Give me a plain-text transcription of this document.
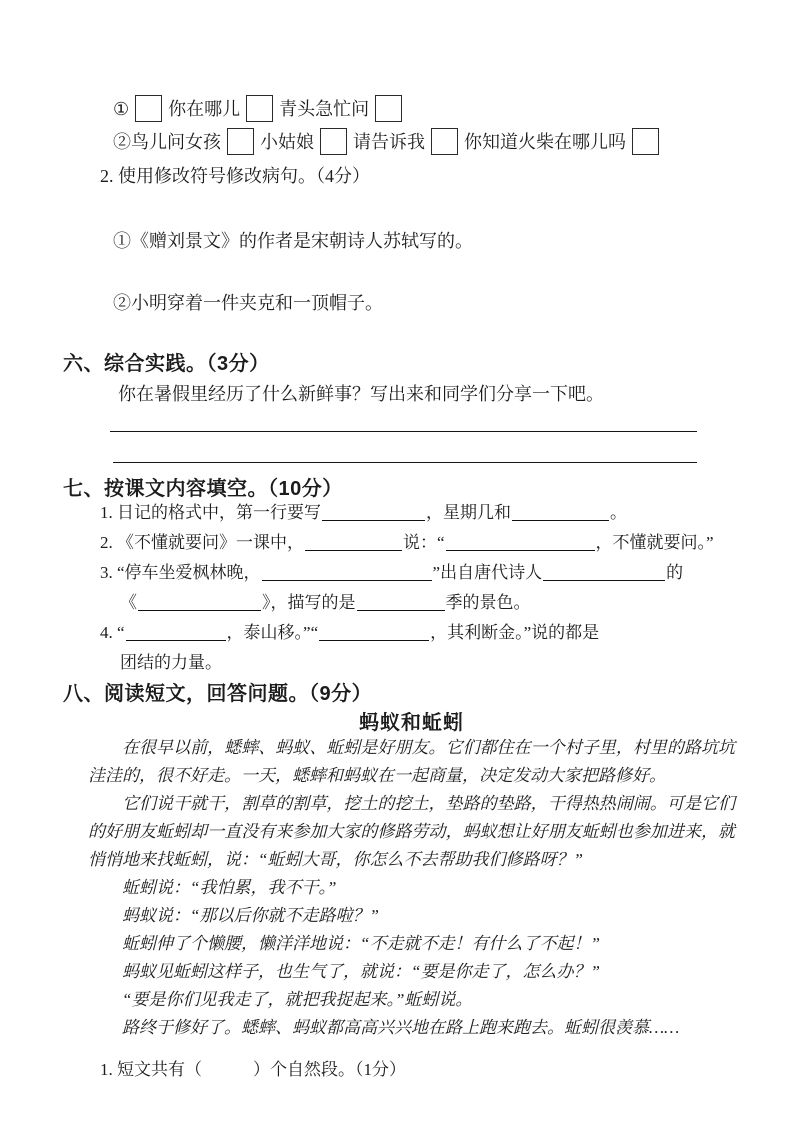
① 你在哪儿 青头急忙问
②鸟儿问女孩 小姑娘 请告诉我 你知道火柴在哪儿吗
2. 使用修改符号修改病句。（4分）
①《赠刘景文》的作者是宋朝诗人苏轼写的。
②小明穿着一件夹克和一顶帽子。
六、综合实践。（3分）
你在暑假里经历了什么新鲜事？写出来和同学们分享一下吧。
七、按课文内容填空。（10分）
1. 日记的格式中，第一行要写	，星期几和	。
2. 《不懂就要问》一课中，	说：“	，不懂就要问。”
3. “停车坐爱枫林晚，	”出自唐代诗人	的
《	》，描写的是	季的景色。
4. “	，泰山移。”“	，其利断金。”说的都是
团结的力量。
八、阅读短文，回答问题。（9分）
蚂蚁和蚯蚓
在很早以前，蟋蟀、蚂蚁、蚯蚓是好朋友。它们都住在一个村子里，村里的路坑坑洼洼的，很不好走。一天，蟋蟀和蚂蚁在一起商量，决定发动大家把路修好。
它们说干就干，割草的割草，挖土的挖土，垫路的垫路，干得热热闹闹。可是它们的好朋友蚯蚓却一直没有来参加大家的修路劳动，蚂蚁想让好朋友蚯蚓也参加进来，就悄悄地来找蚯蚓，说：“蚯蚓大哥，你怎么不去帮助我们修路呀？”
蚯蚓说：“我怕累，我不干。”
蚂蚁说：“那以后你就不走路啦？”
蚯蚓伸了个懒腰，懒洋洋地说：“不走就不走！有什么了不起！”
蚂蚁见蚯蚓这样子，也生气了，就说：“要是你走了，怎么办？”
“要是你们见我走了，就把我捉起来。”蚯蚓说。
路终于修好了。蟋蟀、蚂蚁都高高兴兴地在路上跑来跑去。蚯蚓很羡慕……
1. 短文共有（　　　）个自然段。（1分）
